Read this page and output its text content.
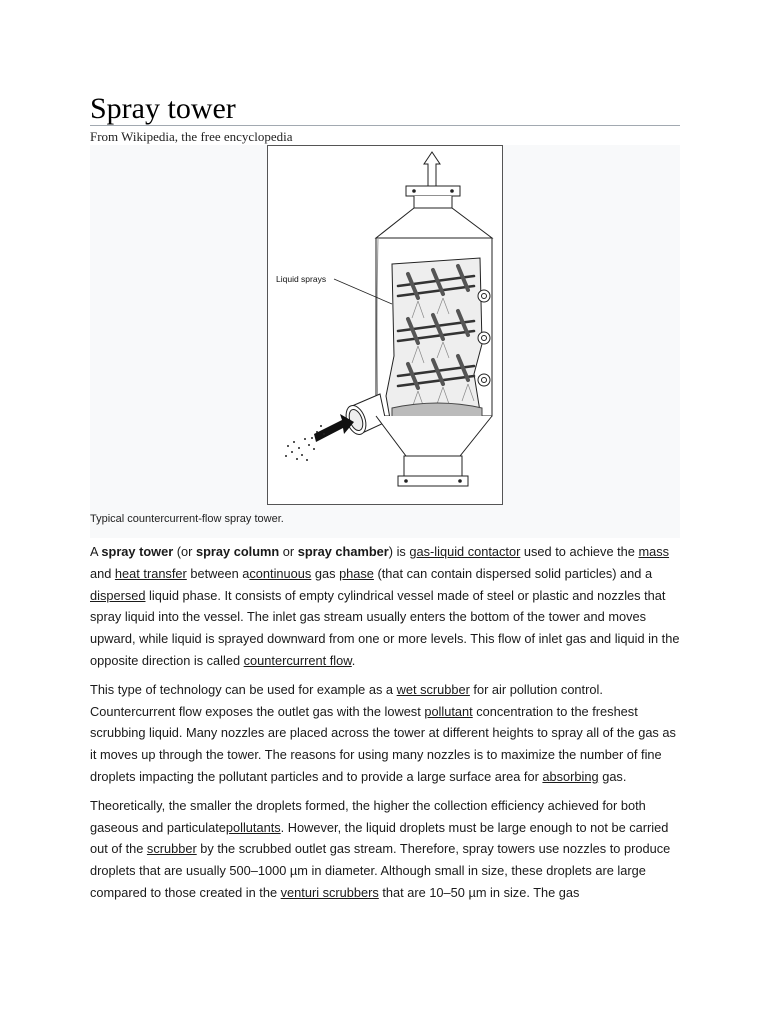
Spray tower
From Wikipedia, the free encyclopedia
Liquid sprays
Typical countercurrent-flow spray tower.

A spray tower (or spray column or spray chamber) is gas-liquid contactor used to achieve the mass and heat transfer between acontinuous gas phase (that can contain dispersed solid particles) and a dispersed liquid phase. It consists of empty cylindrical vessel made of steel or plastic and nozzles that spray liquid into the vessel. The inlet gas stream usually enters the bottom of the tower and moves upward, while liquid is sprayed downward from one or more levels. This flow of inlet gas and liquid in the opposite direction is called countercurrent flow.

This type of technology can be used for example as a wet scrubber for air pollution control. Countercurrent flow exposes the outlet gas with the lowest pollutant concentration to the freshest scrubbing liquid. Many nozzles are placed across the tower at different heights to spray all of the gas as it moves up through the tower. The reasons for using many nozzles is to maximize the number of fine droplets impacting the pollutant particles and to provide a large surface area for absorbing gas.

Theoretically, the smaller the droplets formed, the higher the collection efficiency achieved for both gaseous and particulatepollutants. However, the liquid droplets must be large enough to not be carried out of the scrubber by the scrubbed outlet gas stream. Therefore, spray towers use nozzles to produce droplets that are usually 500–1000 µm in diameter. Although small in size, these droplets are large compared to those created in the venturi scrubbers that are 10–50 µm in size. The gas
